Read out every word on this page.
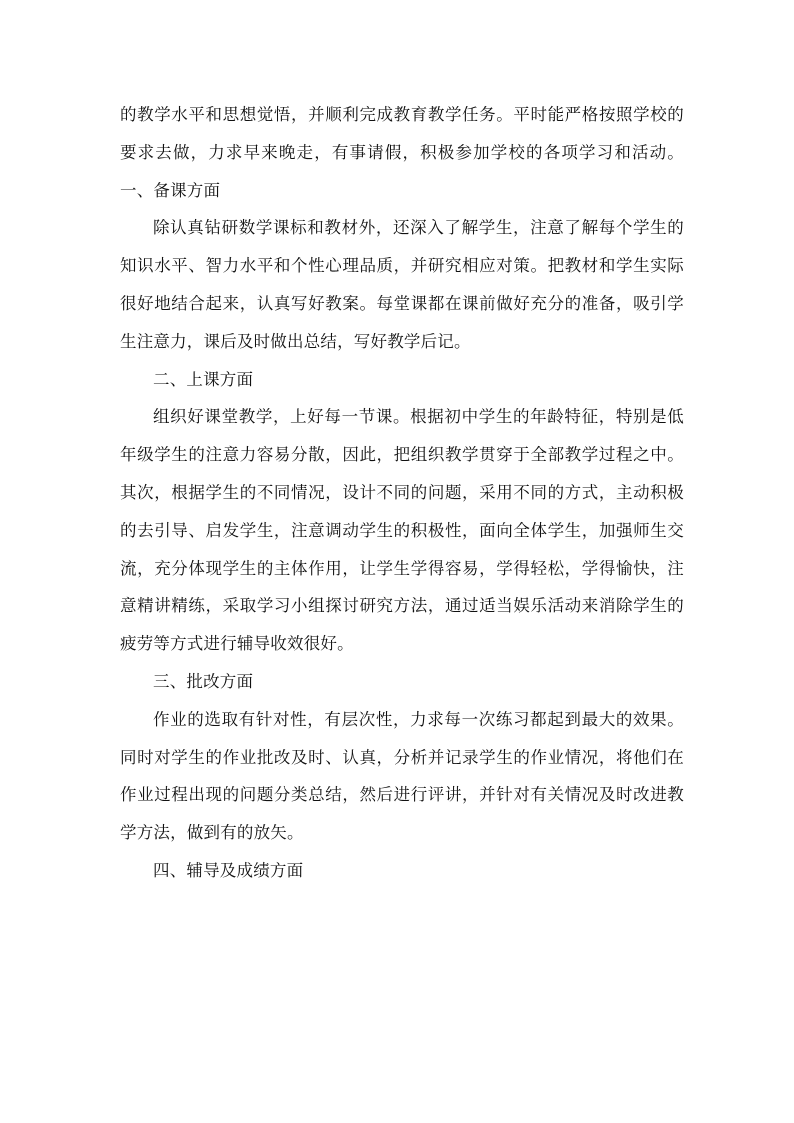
的教学水平和思想觉悟，并顺利完成教育教学任务。平时能严格按照学校的要求去做，力求早来晚走，有事请假，积极参加学校的各项学习和活动。一、备课方面

除认真钻研数学课标和教材外，还深入了解学生，注意了解每个学生的知识水平、智力水平和个性心理品质，并研究相应对策。把教材和学生实际很好地结合起来，认真写好教案。每堂课都在课前做好充分的准备，吸引学生注意力，课后及时做出总结，写好教学后记。

二、上课方面

组织好课堂教学，上好每一节课。根据初中学生的年龄特征，特别是低年级学生的注意力容易分散，因此，把组织教学贯穿于全部教学过程之中。其次，根据学生的不同情况，设计不同的问题，采用不同的方式，主动积极的去引导、启发学生，注意调动学生的积极性，面向全体学生，加强师生交流，充分体现学生的主体作用，让学生学得容易，学得轻松，学得愉快，注意精讲精练，采取学习小组探讨研究方法，通过适当娱乐活动来消除学生的疲劳等方式进行辅导收效很好。

三、批改方面

作业的选取有针对性，有层次性，力求每一次练习都起到最大的效果。同时对学生的作业批改及时、认真，分析并记录学生的作业情况，将他们在作业过程出现的问题分类总结，然后进行评讲，并针对有关情况及时改进教学方法，做到有的放矢。

四、辅导及成绩方面
